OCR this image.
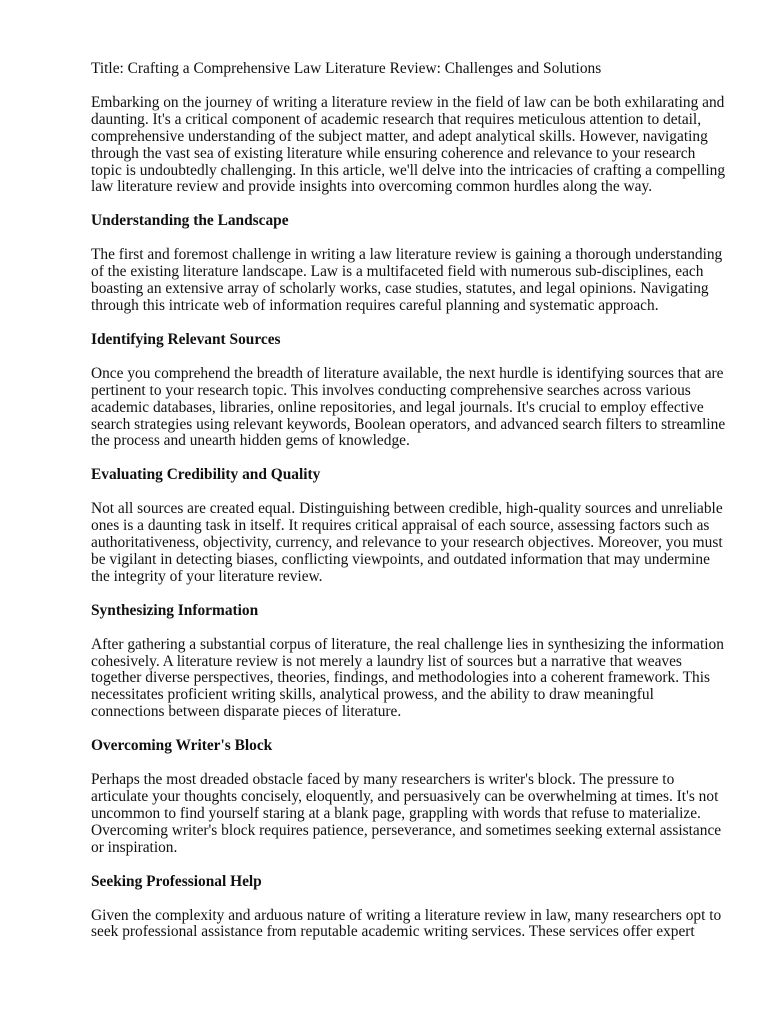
Title: Crafting a Comprehensive Law Literature Review: Challenges and Solutions

Embarking on the journey of writing a literature review in the field of law can be both exhilarating and daunting. It's a critical component of academic research that requires meticulous attention to detail, comprehensive understanding of the subject matter, and adept analytical skills. However, navigating through the vast sea of existing literature while ensuring coherence and relevance to your research topic is undoubtedly challenging. In this article, we'll delve into the intricacies of crafting a compelling law literature review and provide insights into overcoming common hurdles along the way.

Understanding the Landscape

The first and foremost challenge in writing a law literature review is gaining a thorough understanding of the existing literature landscape. Law is a multifaceted field with numerous sub-disciplines, each boasting an extensive array of scholarly works, case studies, statutes, and legal opinions. Navigating through this intricate web of information requires careful planning and systematic approach.

Identifying Relevant Sources

Once you comprehend the breadth of literature available, the next hurdle is identifying sources that are pertinent to your research topic. This involves conducting comprehensive searches across various academic databases, libraries, online repositories, and legal journals. It's crucial to employ effective search strategies using relevant keywords, Boolean operators, and advanced search filters to streamline the process and unearth hidden gems of knowledge.

Evaluating Credibility and Quality

Not all sources are created equal. Distinguishing between credible, high-quality sources and unreliable ones is a daunting task in itself. It requires critical appraisal of each source, assessing factors such as authoritativeness, objectivity, currency, and relevance to your research objectives. Moreover, you must be vigilant in detecting biases, conflicting viewpoints, and outdated information that may undermine the integrity of your literature review.

Synthesizing Information

After gathering a substantial corpus of literature, the real challenge lies in synthesizing the information cohesively. A literature review is not merely a laundry list of sources but a narrative that weaves together diverse perspectives, theories, findings, and methodologies into a coherent framework. This necessitates proficient writing skills, analytical prowess, and the ability to draw meaningful connections between disparate pieces of literature.

Overcoming Writer's Block

Perhaps the most dreaded obstacle faced by many researchers is writer's block. The pressure to articulate your thoughts concisely, eloquently, and persuasively can be overwhelming at times. It's not uncommon to find yourself staring at a blank page, grappling with words that refuse to materialize. Overcoming writer's block requires patience, perseverance, and sometimes seeking external assistance or inspiration.

Seeking Professional Help

Given the complexity and arduous nature of writing a literature review in law, many researchers opt to seek professional assistance from reputable academic writing services. These services offer expert
